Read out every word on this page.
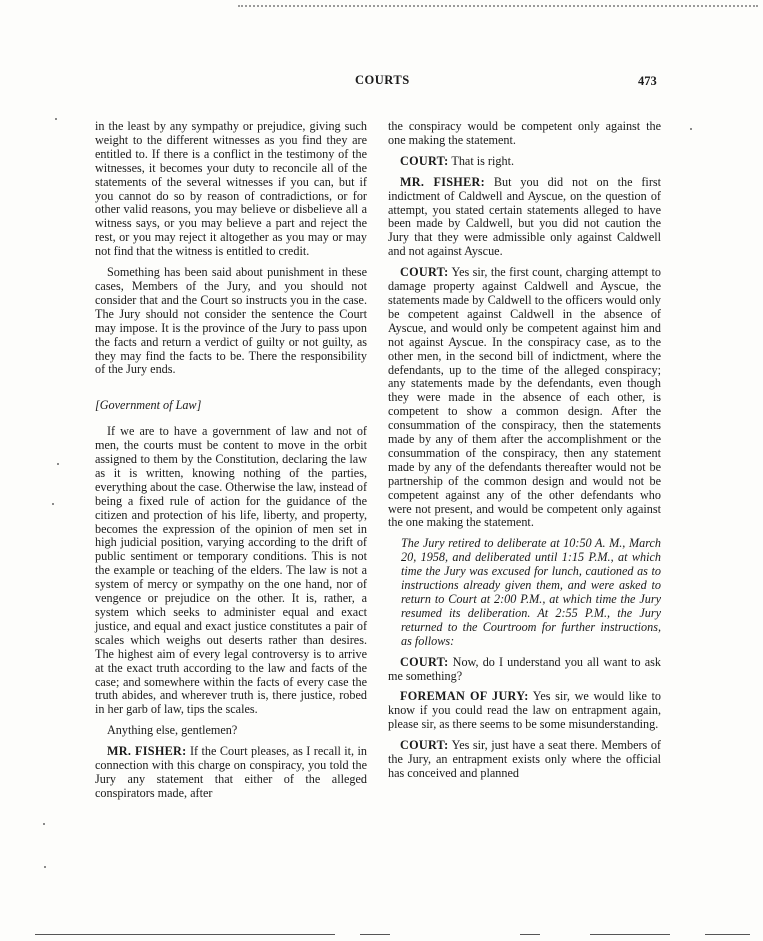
COURTS	473

in the least by any sympathy or prejudice, giving such weight to the different witnesses as you find they are entitled to. If there is a conflict in the testimony of the witnesses, it becomes your duty to reconcile all of the statements of the several witnesses if you can, but if you cannot do so by reason of contradictions, or for other valid reasons, you may believe or disbelieve all a witness says, or you may believe a part and reject the rest, or you may reject it altogether as you may or may not find that the witness is entitled to credit.

Something has been said about punishment in these cases, Members of the Jury, and you should not consider that and the Court so instructs you in the case. The Jury should not consider the sentence the Court may impose. It is the province of the Jury to pass upon the facts and return a verdict of guilty or not guilty, as they may find the facts to be. There the responsibility of the Jury ends.

[Government of Law]

If we are to have a government of law and not of men, the courts must be content to move in the orbit assigned to them by the Constitution, declaring the law as it is written, knowing nothing of the parties, everything about the case. Otherwise the law, instead of being a fixed rule of action for the guidance of the citizen and protection of his life, liberty, and property, becomes the expression of the opinion of men set in high judicial position, varying according to the drift of public sentiment or temporary conditions. This is not the example or teaching of the elders. The law is not a system of mercy or sympathy on the one hand, nor of vengence or prejudice on the other. It is, rather, a system which seeks to administer equal and exact justice, and equal and exact justice constitutes a pair of scales which weighs out deserts rather than desires. The highest aim of every legal controversy is to arrive at the exact truth according to the law and facts of the case; and somewhere within the facts of every case the truth abides, and wherever truth is, there justice, robed in her garb of law, tips the scales.

Anything else, gentlemen?

MR. FISHER: If the Court pleases, as I recall it, in connection with this charge on conspiracy, you told the Jury any statement that either of the alleged conspirators made, after

the conspiracy would be competent only against the one making the statement.

COURT: That is right.

MR. FISHER: But you did not on the first indictment of Caldwell and Ayscue, on the question of attempt, you stated certain statements alleged to have been made by Caldwell, but you did not caution the Jury that they were admissible only against Caldwell and not against Ayscue.

COURT: Yes sir, the first count, charging attempt to damage property against Caldwell and Ayscue, the statements made by Caldwell to the officers would only be competent against Caldwell in the absence of Ayscue, and would only be competent against him and not against Ayscue. In the conspiracy case, as to the other men, in the second bill of indictment, where the defendants, up to the time of the alleged conspiracy; any statements made by the defendants, even though they were made in the absence of each other, is competent to show a common design. After the consummation of the conspiracy, then the statements made by any of them after the accomplishment or the consummation of the conspiracy, then any statement made by any of the defendants thereafter would not be partnership of the common design and would not be competent against any of the other defendants who were not present, and would be competent only against the one making the statement.

The Jury retired to deliberate at 10:50 A. M., March 20, 1958, and deliberated until 1:15 P.M., at which time the Jury was excused for lunch, cautioned as to instructions already given them, and were asked to return to Court at 2:00 P.M., at which time the Jury resumed its deliberation. At 2:55 P.M., the Jury returned to the Courtroom for further instructions, as follows:

COURT: Now, do I understand you all want to ask me something?

FOREMAN OF JURY: Yes sir, we would like to know if you could read the law on entrapment again, please sir, as there seems to be some misunderstanding.

COURT: Yes sir, just have a seat there. Members of the Jury, an entrapment exists only where the official has conceived and planned
